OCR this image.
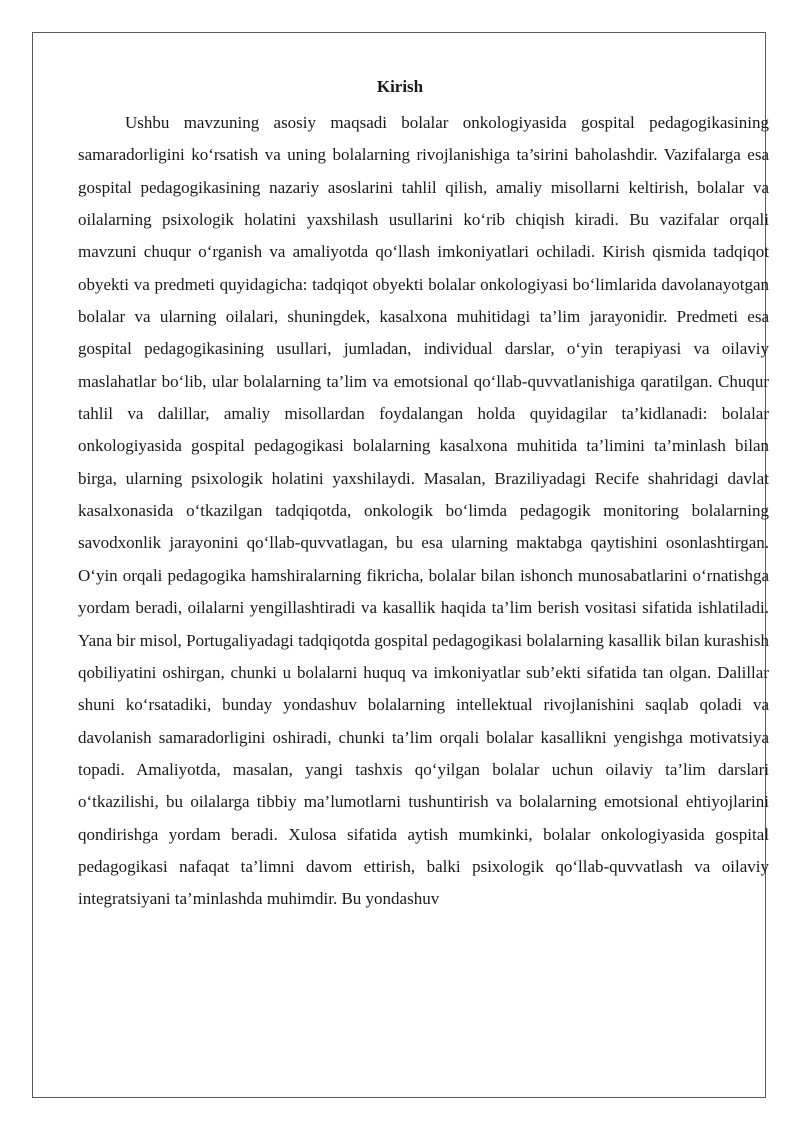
Kirish

Ushbu mavzuning asosiy maqsadi bolalar onkologiyasida gospital pedagogikasining samaradorligini ko‘rsatish va uning bolalarning rivojlanishiga ta’sirini baholashdir. Vazifalarga esa gospital pedagogikasining nazariy asoslarini tahlil qilish, amaliy misollarni keltirish, bolalar va oilalarning psixologik holatini yaxshilash usullarini ko‘rib chiqish kiradi. Bu vazifalar orqali mavzuni chuqur o‘rganish va amaliyotda qo‘llash imkoniyatlari ochiladi. Kirish qismida tadqiqot obyekti va predmeti quyidagicha: tadqiqot obyekti bolalar onkologiyasi bo‘limlarida davolanayotgan bolalar va ularning oilalari, shuningdek, kasalxona muhitidagi ta’lim jarayonidir. Predmeti esa gospital pedagogikasining usullari, jumladan, individual darslar, o‘yin terapiyasi va oilaviy maslahatlar bo‘lib, ular bolalarning ta’lim va emotsional qo‘llab-quvvatlanishiga qaratilgan. Chuqur tahlil va dalillar, amaliy misollardan foydalangan holda quyidagilar ta’kidlanadi: bolalar onkologiyasida gospital pedagogikasi bolalarning kasalxona muhitida ta’limini ta’minlash bilan birga, ularning psixologik holatini yaxshilaydi. Masalan, Braziliyadagi Recife shahridagi davlat kasalxonasida o‘tkazilgan tadqiqotda, onkologik bo‘limda pedagogik monitoring bolalarning savodxonlik jarayonini qo‘llab-quvvatlagan, bu esa ularning maktabga qaytishini osonlashtirgan. O‘yin orqali pedagogika hamshiralarning fikricha, bolalar bilan ishonch munosabatlarini o‘rnatishga yordam beradi, oilalarni yengillashtiradi va kasallik haqida ta’lim berish vositasi sifatida ishlatiladi. Yana bir misol, Portugaliyadagi tadqiqotda gospital pedagogikasi bolalarning kasallik bilan kurashish qobiliyatini oshirgan, chunki u bolalarni huquq va imkoniyatlar sub’ekti sifatida tan olgan. Dalillar shuni ko‘rsatadiki, bunday yondashuv bolalarning intellektual rivojlanishini saqlab qoladi va davolanish samaradorligini oshiradi, chunki ta’lim orqali bolalar kasallikni yengishga motivatsiya topadi. Amaliyotda, masalan, yangi tashxis qo‘yilgan bolalar uchun oilaviy ta’lim darslari o‘tkazilishi, bu oilalarga tibbiy ma’lumotlarni tushuntirish va bolalarning emotsional ehtiyojlarini qondirishga yordam beradi. Xulosa sifatida aytish mumkinki, bolalar onkologiyasida gospital pedagogikasi nafaqat ta’limni davom ettirish, balki psixologik qo‘llab-quvvatlash va oilaviy integratsiyani ta’minlashda muhimdir. Bu yondashuv
